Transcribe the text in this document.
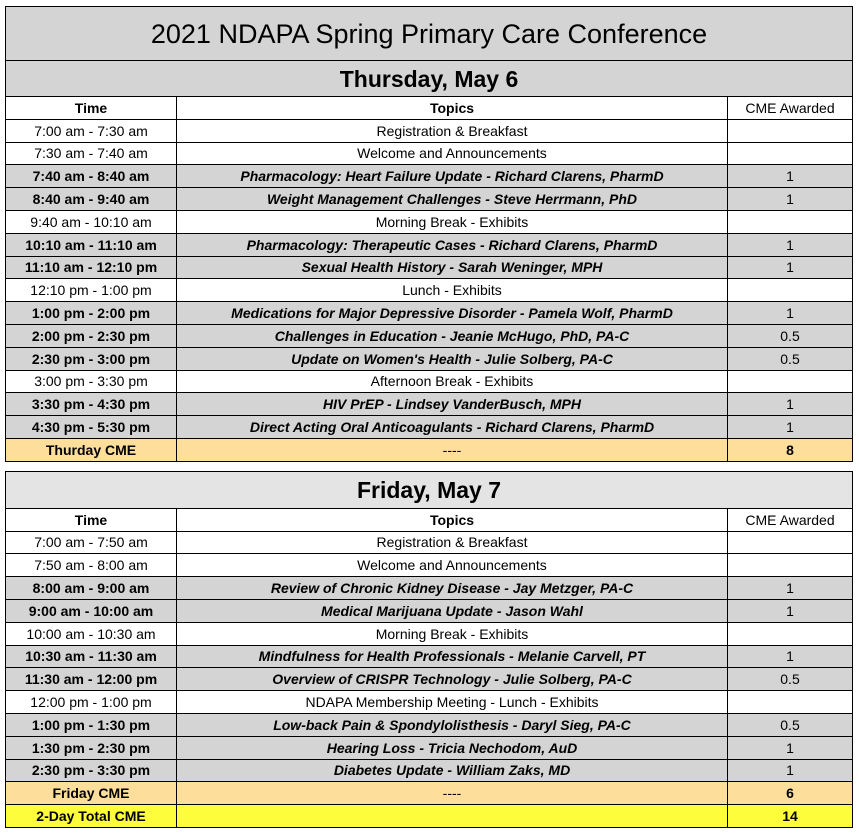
2021 NDAPA Spring Primary Care Conference		
Thursday, May 6		
Time	Topics	CME Awarded
7:00 am - 7:30 am	Registration & Breakfast	
7:30 am - 7:40 am	Welcome and Announcements	
7:40 am - 8:40 am	Pharmacology: Heart Failure Update - Richard Clarens, PharmD	1
8:40 am - 9:40 am	Weight Management Challenges - Steve Herrmann, PhD	1
9:40 am - 10:10 am	Morning Break - Exhibits	
10:10 am - 11:10 am	Pharmacology: Therapeutic Cases - Richard Clarens, PharmD	1
11:10 am - 12:10 pm	Sexual Health History - Sarah Weninger, MPH	1
12:10 pm - 1:00 pm	Lunch - Exhibits	
1:00 pm - 2:00 pm	Medications for Major Depressive Disorder - Pamela Wolf, PharmD	1
2:00 pm - 2:30 pm	Challenges in Education - Jeanie McHugo, PhD, PA-C	0.5
2:30 pm - 3:00 pm	Update on Women's Health - Julie Solberg, PA-C	0.5
3:00 pm - 3:30 pm	Afternoon Break - Exhibits	
3:30 pm - 4:30 pm	HIV PrEP - Lindsey VanderBusch, MPH	1
4:30 pm - 5:30 pm	Direct Acting Oral Anticoagulants - Richard Clarens, PharmD	1
Thurday CME	----	8

Friday, May 7		
Time	Topics	CME Awarded
7:00 am - 7:50 am	Registration & Breakfast	
7:50 am - 8:00 am	Welcome and Announcements	
8:00 am - 9:00 am	Review of Chronic Kidney Disease - Jay Metzger, PA-C	1
9:00 am - 10:00 am	Medical Marijuana Update - Jason Wahl	1
10:00 am - 10:30 am	Morning Break - Exhibits	
10:30 am - 11:30 am	Mindfulness for Health Professionals - Melanie Carvell, PT	1
11:30 am - 12:00 pm	Overview of CRISPR Technology - Julie Solberg, PA-C	0.5
12:00 pm - 1:00 pm	NDAPA Membership Meeting - Lunch - Exhibits	
1:00 pm - 1:30 pm	Low-back Pain & Spondylolisthesis - Daryl Sieg, PA-C	0.5
1:30 pm - 2:30 pm	Hearing Loss - Tricia Nechodom, AuD	1
2:30 pm - 3:30 pm	Diabetes Update - William Zaks, MD	1
Friday CME	----	6
2-Day Total CME		14
